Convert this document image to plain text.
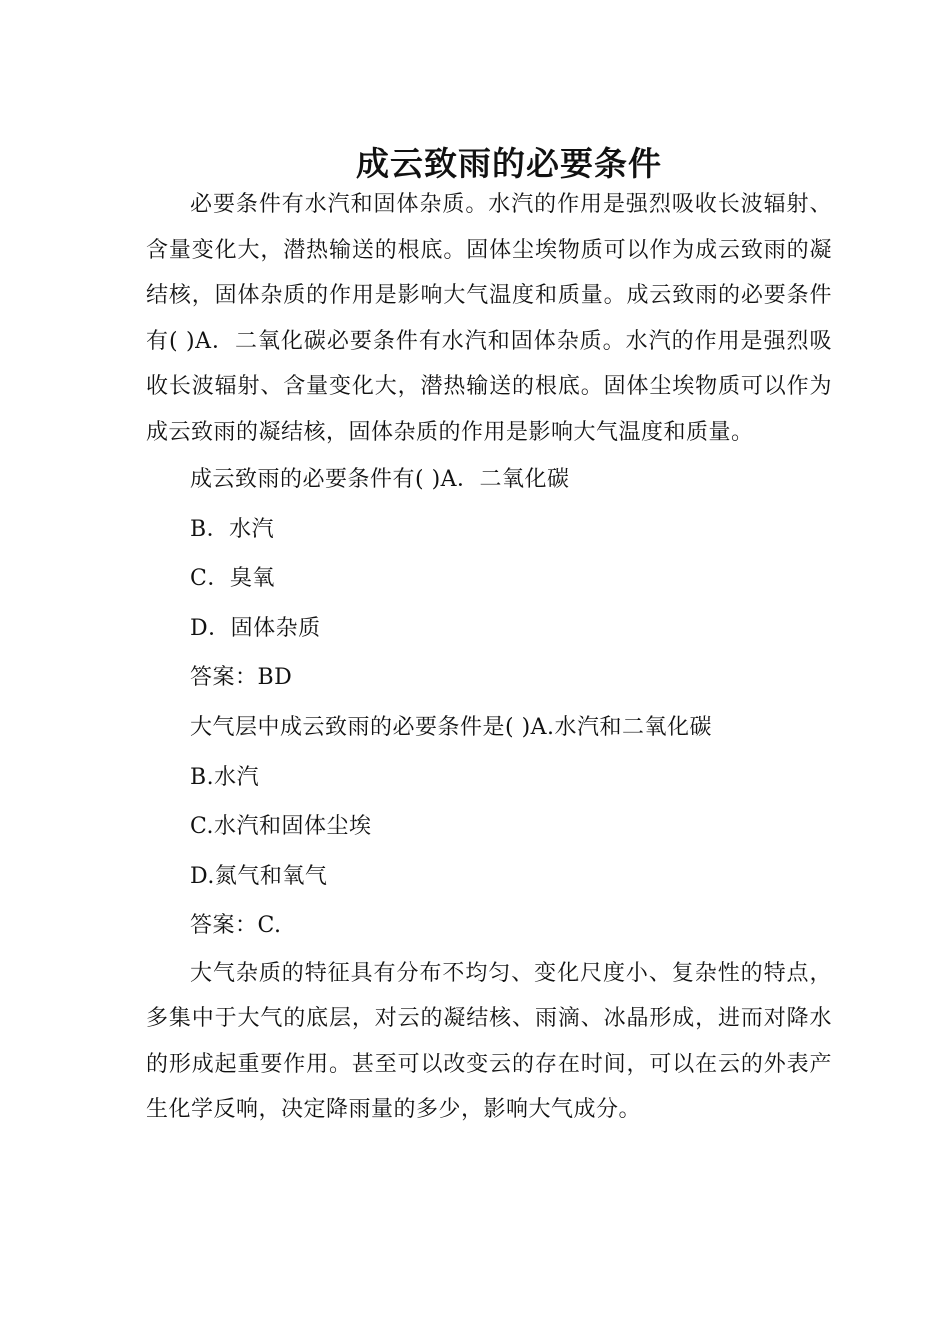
成云致雨的必要条件

必要条件有水汽和固体杂质。水汽的作用是强烈吸收长波辐射、含量变化大，潜热输送的根底。固体尘埃物质可以作为成云致雨的凝结核，固体杂质的作用是影响大气温度和质量。成云致雨的必要条件有( )A．二氧化碳必要条件有水汽和固体杂质。水汽的作用是强烈吸收长波辐射、含量变化大，潜热输送的根底。固体尘埃物质可以作为成云致雨的凝结核，固体杂质的作用是影响大气温度和质量。

成云致雨的必要条件有( )A．二氧化碳

B．水汽

C．臭氧

D．固体杂质

答案：BD

大气层中成云致雨的必要条件是( )A.水汽和二氧化碳

B.水汽

C.水汽和固体尘埃

D.氮气和氧气

答案：C.

大气杂质的特征具有分布不均匀、变化尺度小、复杂性的特点，多集中于大气的底层，对云的凝结核、雨滴、冰晶形成，进而对降水的形成起重要作用。甚至可以改变云的存在时间，可以在云的外表产生化学反响，决定降雨量的多少，影响大气成分。
